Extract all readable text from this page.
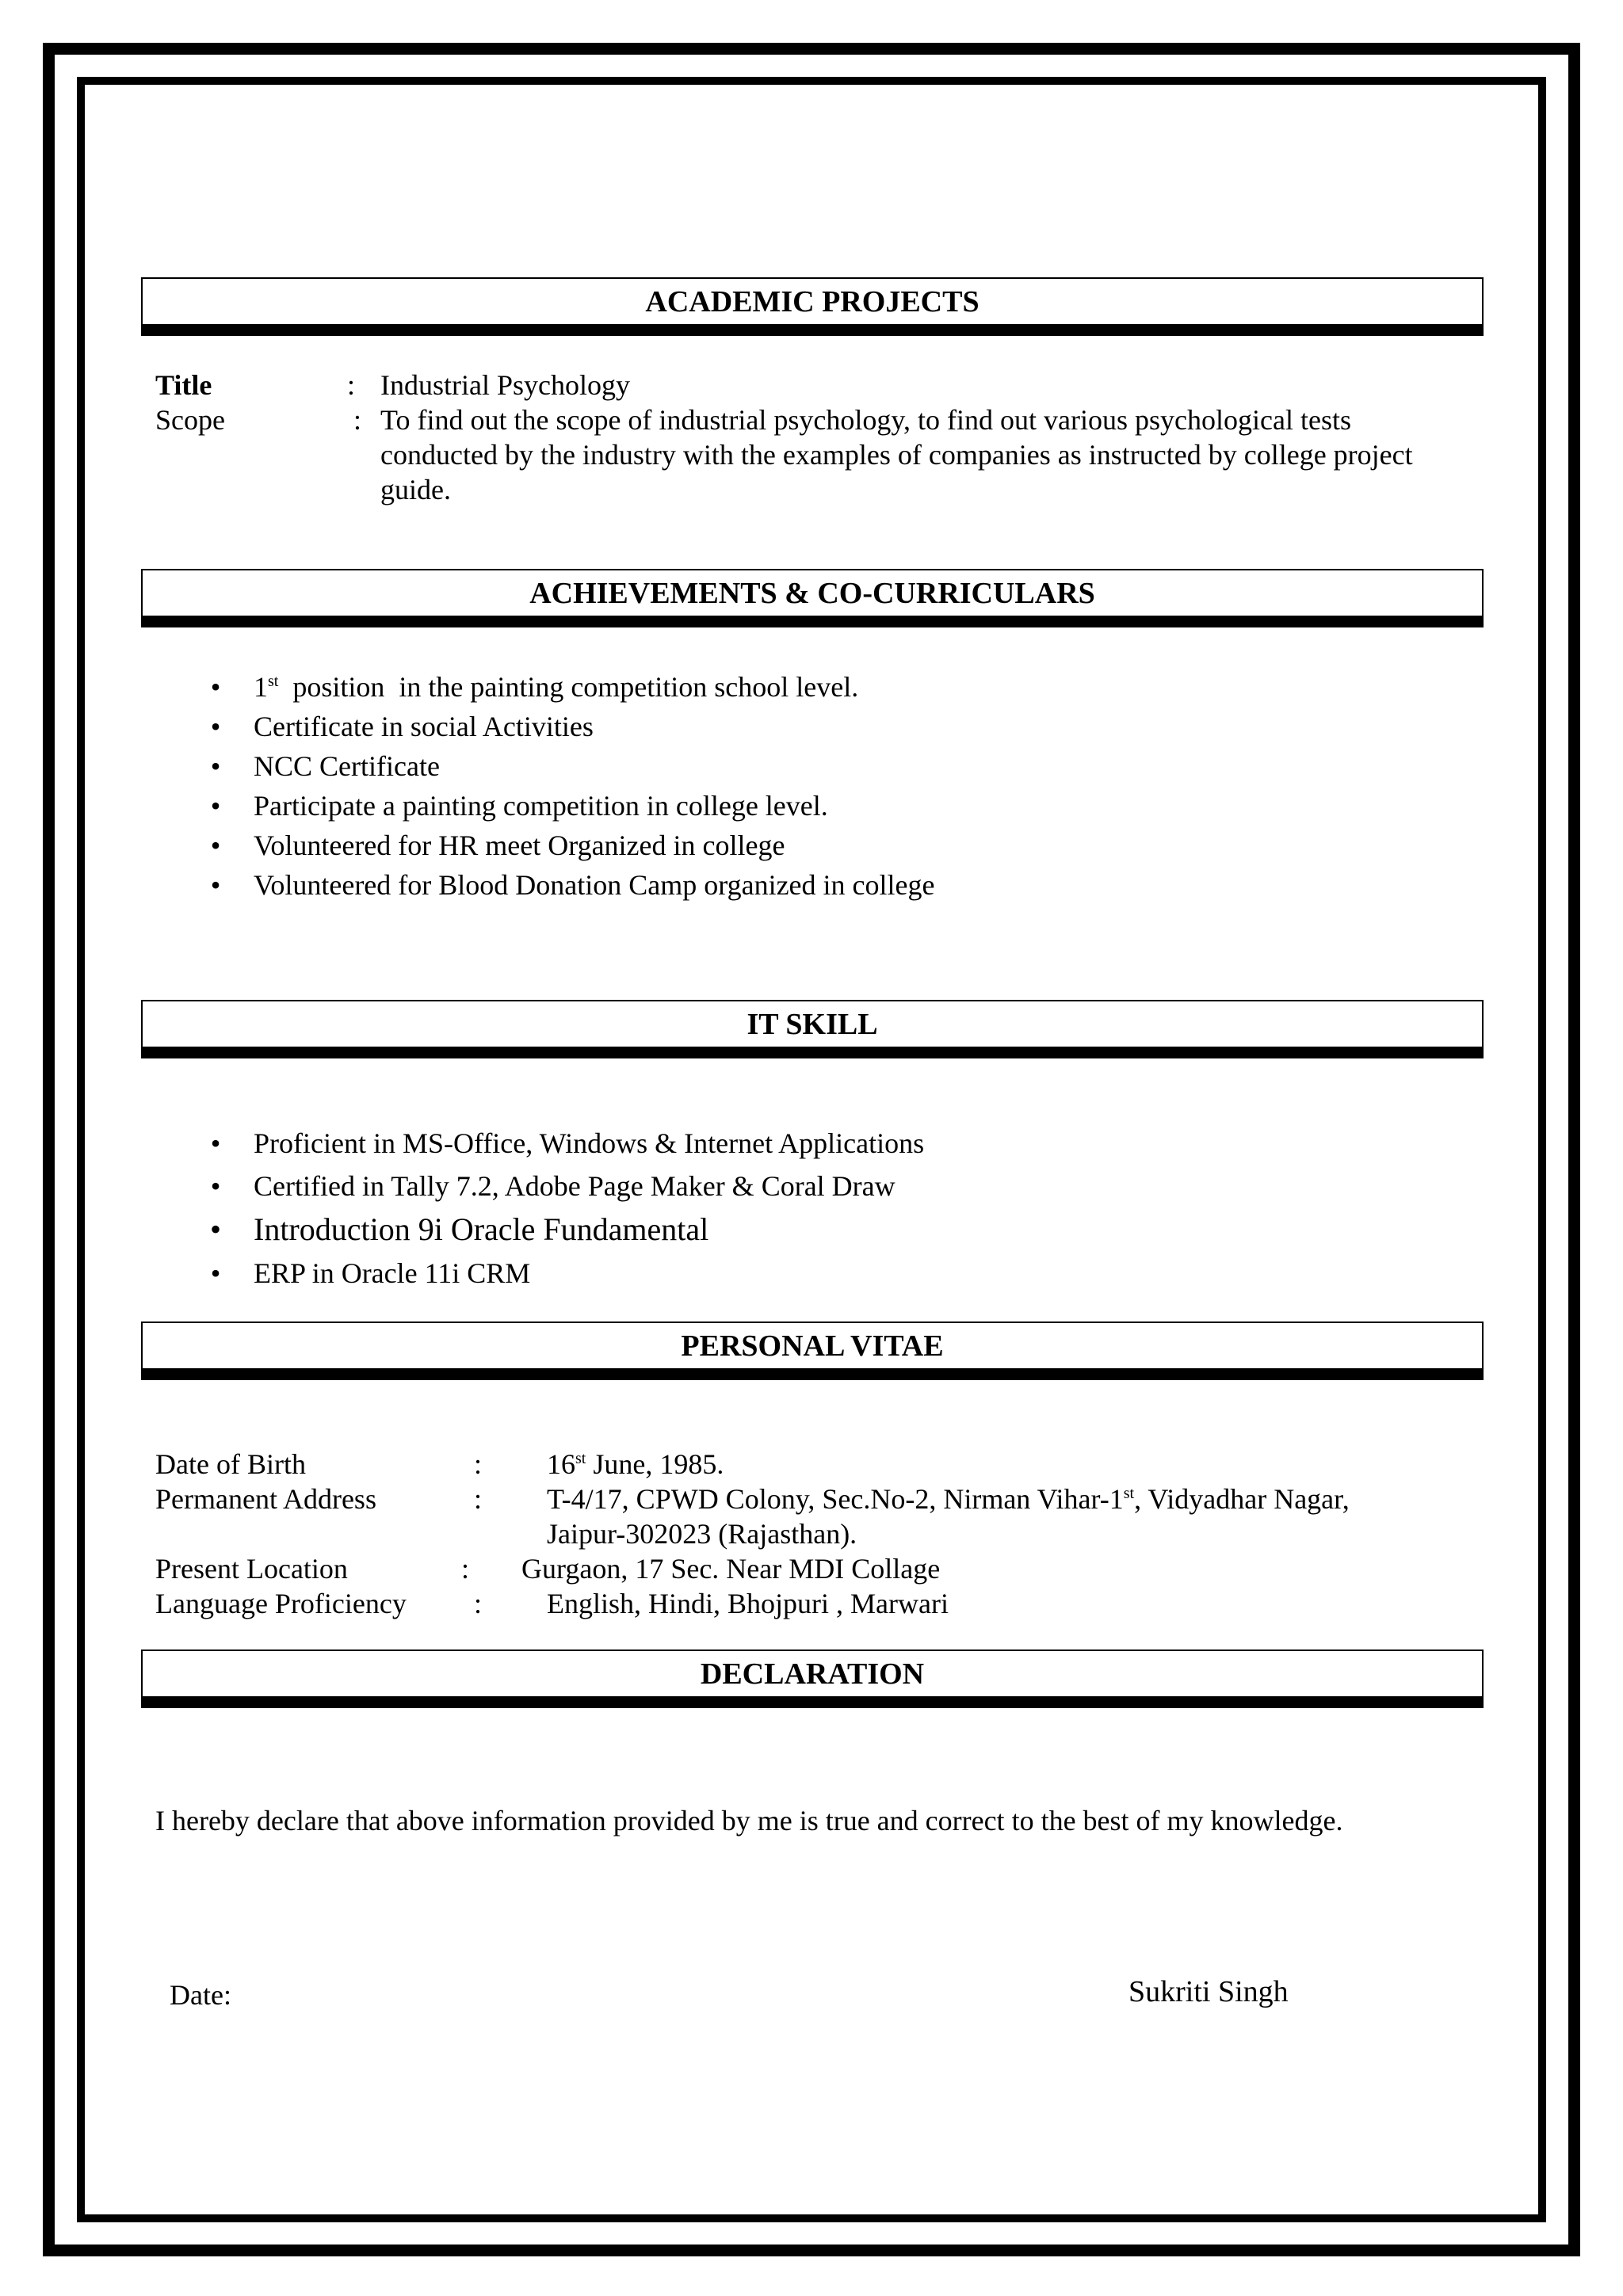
ACADEMIC PROJECTS
Title	: Industrial Psychology
Scope	: To find out the scope of industrial psychology, to find out various psychological tests
conducted by the industry with the examples of companies as instructed by college project
guide.
ACHIEVEMENTS & CO-CURRICULARS
• 1st  position  in the painting competition school level.
• Certificate in social Activities
• NCC Certificate
• Participate a painting competition in college level.
• Volunteered for HR meet Organized in college
• Volunteered for Blood Donation Camp organized in college
IT SKILL
• Proficient in MS-Office, Windows & Internet Applications
• Certified in Tally 7.2, Adobe Page Maker & Coral Draw
• Introduction 9i Oracle Fundamental
• ERP in Oracle 11i CRM
PERSONAL VITAE
Date of Birth	: 16st June, 1985.
Permanent Address	: T-4/17, CPWD Colony, Sec.No-2, Nirman Vihar-1st, Vidyadhar Nagar,
Jaipur-302023 (Rajasthan).
Present Location	: Gurgaon, 17 Sec. Near MDI Collage
Language Proficiency : English, Hindi, Bhojpuri , Marwari
DECLARATION
I hereby declare that above information provided by me is true and correct to the best of my knowledge.
Date:	Sukriti Singh
